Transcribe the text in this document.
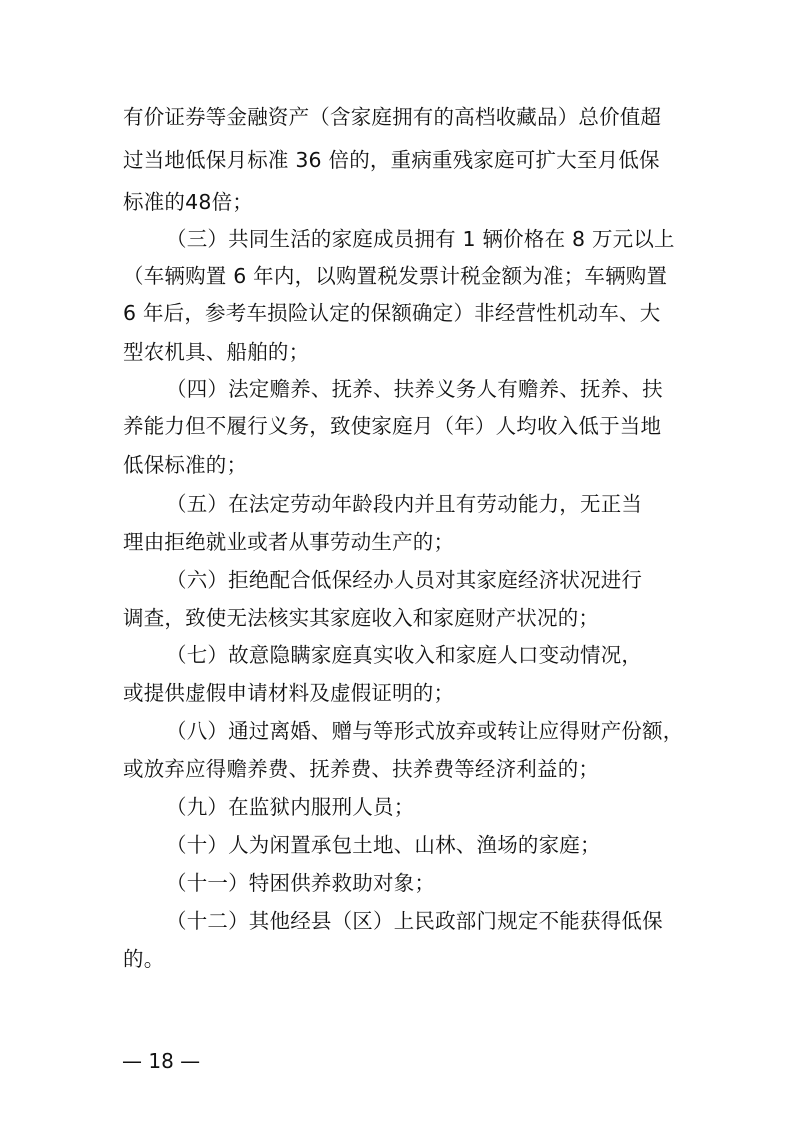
有价证券等金融资产（含家庭拥有的高档收藏品）总价值超
过当地低保月标准 36 倍的，重病重残家庭可扩大至月低保
标准的48倍；
（三）共同生活的家庭成员拥有 1 辆价格在 8 万元以上
（车辆购置 6 年内，以购置税发票计税金额为准；车辆购置
6 年后，参考车损险认定的保额确定）非经营性机动车、大
型农机具、船舶的；
（四）法定赡养、抚养、扶养义务人有赡养、抚养、扶
养能力但不履行义务，致使家庭月（年）人均收入低于当地
低保标准的；
（五）在法定劳动年龄段内并且有劳动能力，无正当
理由拒绝就业或者从事劳动生产的；
（六）拒绝配合低保经办人员对其家庭经济状况进行
调查，致使无法核实其家庭收入和家庭财产状况的；
（七）故意隐瞒家庭真实收入和家庭人口变动情况，
或提供虚假申请材料及虚假证明的；
（八）通过离婚、赠与等形式放弃或转让应得财产份额，
或放弃应得赡养费、抚养费、扶养费等经济利益的；
（九）在监狱内服刑人员；
（十）人为闲置承包土地、山林、渔场的家庭；
（十一）特困供养救助对象；
（十二）其他经县（区）上民政部门规定不能获得低保
的。
— 18 —
